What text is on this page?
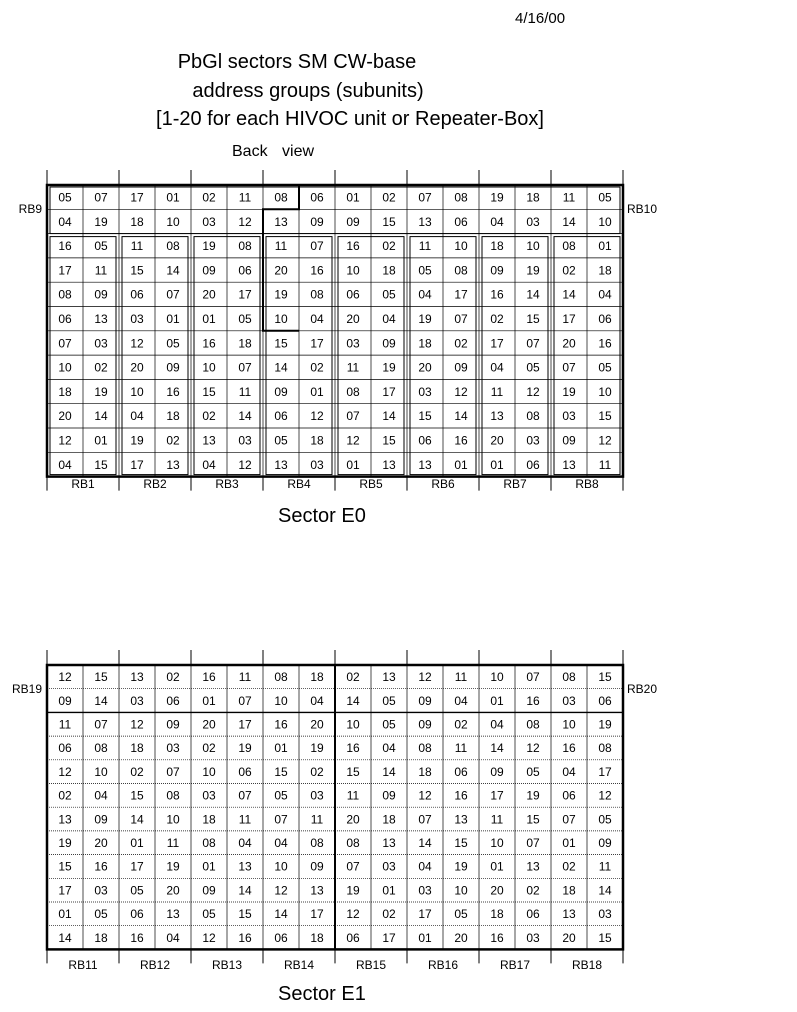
4/16/00
PbGl sectors SM CW-base
address groups (subunits)
[1-20 for each HIVOC unit or Repeater-Box]
Back view
05 07 17 01 02 11 08 06 01 02 07 08 19 18 11 05
04 19 18 10 03 12 13 09 09 15 13 06 04 03 14 10
16 05 11 08 19 08 11 07 16 02 11 10 18 10 08 01
17 11 15 14 09 06 20 16 10 18 05 08 09 19 02 18
08 09 06 07 20 17 19 08 06 05 04 17 16 14 14 04
06 13 03 01 01 05 10 04 20 04 19 07 02 15 17 06
07 03 12 05 16 18 15 17 03 09 18 02 17 07 20 16
10 02 20 09 10 07 14 02 11 19 20 09 04 05 07 05
18 19 10 16 15 11 09 01 08 17 03 12 11 12 19 10
20 14 04 18 02 14 06 12 07 14 15 14 13 08 03 15
12 01 19 02 13 03 05 18 12 15 06 16 20 03 09 12
04 15 17 13 04 12 13 03 01 13 13 01 01 06 13 11
RB9	RB10
RB1	RB2	RB3	RB4	RB5	RB6	RB7	RB8
12 15 13 02 16 11 08 18 02 13 12 11 10 07 08 15
09 14 03 06 01 07 10 04 14 05 09 04 01 16 03 06
11 07 12 09 20 17 16 20 10 05 09 02 04 08 10 19
06 08 18 03 02 19 01 19 16 04 08 11 14 12 16 08
12 10 02 07 10 06 15 02 15 14 18 06 09 05 04 17
02 04 15 08 03 07 05 03 11 09 12 16 17 19 06 12
13 09 14 10 18 11 07 11 20 18 07 13 11 15 07 05
19 20 01 11 08 04 04 08 08 13 14 15 10 07 01 09
15 16 17 19 01 13 10 09 07 03 04 19 01 13 02 11
17 03 05 20 09 14 12 13 19 01 03 10 20 02 18 14
01 05 06 13 05 15 14 17 12 02 17 05 18 06 13 03
14 18 16 04 12 16 06 18 06 17 01 20 16 03 20 15
RB19	RB20
RB11	RB12	RB13	RB14	RB15	RB16	RB17	RB18
Sector E0
Sector E1
